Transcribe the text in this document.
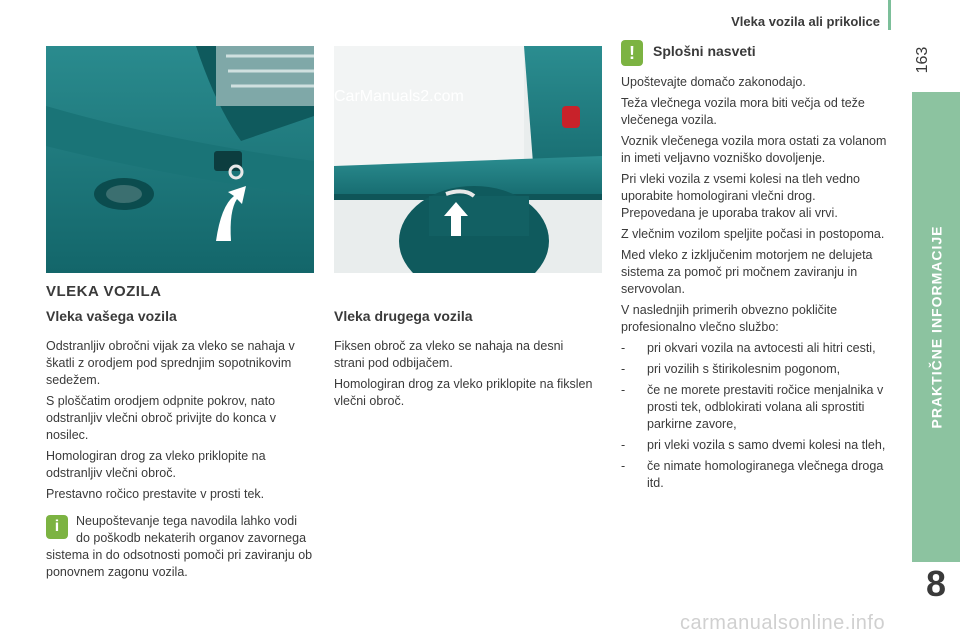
Vleka vozila ali prikolice
163
PRAKTIČNE INFORMACIJE
8
CarManuals2.com
VLEKA VOZILA
Vleka vašega vozila
Odstranljiv obročni vijak za vleko se nahaja v škatli z orodjem pod sprednjim sopotnikovim sedežem.
S ploščatim orodjem odpnite pokrov, nato odstranljiv vlečni obroč privijte do konca v nosilec.
Homologiran drog za vleko priklopite na odstranljiv vlečni obroč.
Prestavno ročico prestavite v prosti tek.
i	Neupoštevanje tega navodila lahko vodi do poškodb nekaterih organov zavornega sistema in do odsotnosti pomoči pri zaviranju ob ponovnem zagonu vozila.
Vleka drugega vozila
Fiksen obroč za vleko se nahaja na desni strani pod odbijačem.
Homologiran drog za vleko priklopite na fikslen vlečni obroč.
!	Splošni nasveti
Upoštevajte domačo zakonodajo.
Teža vlečnega vozila mora biti večja od teže vlečenega vozila.
Voznik vlečenega vozila mora ostati za volanom in imeti veljavno vozniško dovoljenje.
Pri vleki vozila z vsemi kolesi na tleh vedno uporabite homologirani vlečni drog. Prepovedana je uporaba trakov ali vrvi.
Z vlečnim vozilom speljite počasi in postopoma.
Med vleko z izključenim motorjem ne delujeta sistema za pomoč pri močnem zaviranju in servovolan.
V naslednjih primerih obvezno pokličite profesionalno vlečno službo:
-	pri okvari vozila na avtocesti ali hitri cesti,
-	pri vozilih s štirikolesnim pogonom,
-	če ne morete prestaviti ročice menjalnika v prosti tek, odblokirati volana ali sprostiti parkirne zavore,
-	pri vleki vozila s samo dvemi kolesi na tleh,
-	če nimate homologiranega vlečnega droga itd.
carmanualsonline.info
